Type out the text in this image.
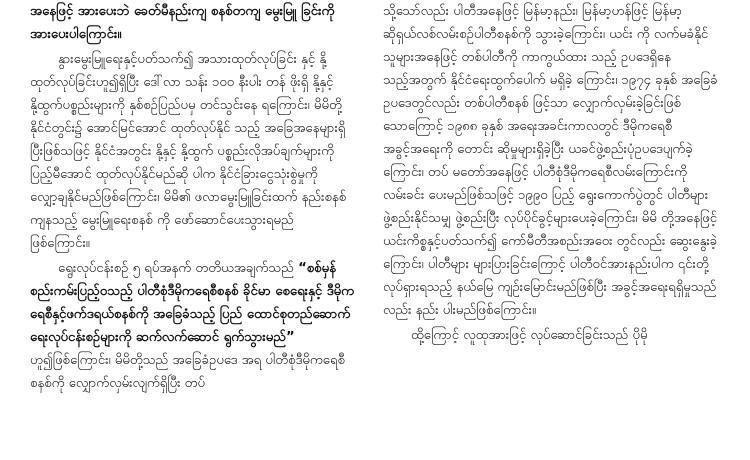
အနေဖြင့် အားပေးဘဲ ခေတ်မီနည်းကျ စနစ်တကျ မွေးမြူ ခြင်းကို အားပေးပါကြောင်း။

နွားမွေးမြူရေးနှင့်ပတ်သက်၍ အသားထုတ်လုပ်ခြင်း နှင့် နို့ထုတ်လုပ်ခြင်းဟူ၍ရှိပြီး ဒေါ်လာ သန်း ၁၀၀ နီးပါး တန် ဖိုးရှိ နို့နှင့် နို့ထွက်ပစ္စည်းများကို နှစ်စဉ်ပြည်ပမှ တင်သွင်းနေ ရကြောင်း၊ မိမိတို့နိုင်ငံတွင်း၌ အောင်မြင်အောင် ထုတ်လုပ်နိုင် သည့် အခြေအနေများရှိပြီးဖြစ်သဖြင့် နိုင်ငံအတွင်း နို့နှင့် နို့ထွက် ပစ္စည်းလိုအပ်ချက်များကို ပြည့်မီအောင် ထုတ်လုပ်နိုင်မည်ဆို ပါက နိုင်ငံခြားငွေသုံးစွဲမှုကို လျှော့ချနိုင်မည်ဖြစ်ကြောင်း၊ မိမိ၏ ဖလာမွေးမြူခြင်းထက် နည်းစနစ်ကျနသည့် မွေးမြူရေးစနစ် ကို ဖော်ဆောင်ပေးသွားရမည် ဖြစ်ကြောင်း။

ရွေးလုပ်ငန်းစဉ် ၅ ရပ်အနက် တတိယအချက်သည် “စစ်မှန်စည်းကမ်းပြည့်ဝသည့် ပါတီစုံဒီမိုကရေစီစနစ် ခိုင်မာ စေရေးနှင့် ဒီမိုကရေစီနှင့်ဖက်ဒရယ်စနစ်ကို အခြေခံသည့် ပြည် ထောင်စုတည်ဆောက်ရေးလုပ်ငန်းစဉ်များကို ဆက်လက်ဆောင် ရွက်သွားမည်” ဟူ၍ဖြစ်ကြောင်း၊ မိမိတို့သည် အခြေခံဥပဒေ အရ ပါတီစုံဒီမိုကရေစီစနစ်ကို လျှောက်လှမ်းလျက်ရှိပြီး တပ်

သို့သော်လည်း ပါတီအနေဖြင့် မြန်မာ့နည်း၊ မြန်မာ့ဟန်ဖြင့် မြန်မာ့ဆိုရှယ်လစ်လမ်းစဉ်ပါတီစနစ်ကို သွားခဲ့ကြောင်း၊ ယင်း ကို လက်မခံနိုင်သူများအနေဖြင့် တစ်ပါတီကို ကာကွယ်ထား သည့် ဥပဒေရှိနေသည့်အတွက် နိုင်ငံရေးထွက်ပေါက် မရှိခဲ့ ကြောင်း၊ ၁၉၇၄ ခုနှစ် အခြေခံဥပဒေတွင်လည်း တစ်ပါတီစနစ် ဖြင့်သာ လျှောက်လှမ်းခဲ့ခြင်းဖြစ်သောကြောင့် ၁၉၈၈ ခုနှစ် အရေးအခင်းကာလတွင် ဒီမိုကရေစီအခွင့်အရေးကို တောင်း ဆိုမှုများရှိခဲ့ပြီး ယခင်ဖွဲ့စည်းပုံဥပဒေပျက်ခဲ့ကြောင်း၊ တပ် မတော်အနေဖြင့် ပါတီစုံဒီမိုကရေစီလမ်းကြောင်းကို လမ်းခင်း ပေးမည်ဖြစ်သဖြင့် ၁၉၉၀ ပြည့် ရွေးကောက်ပွဲတွင် ပါတီများ ဖွဲ့စည်းနိုင်သမျှ ဖွဲ့စည်းပြီး လုပ်ပိုင်ခွင့်များပေးခဲ့ကြောင်း၊ မိမိ တို့အနေဖြင့် ယင်းကိစ္စနှင့်ပတ်သက်၍ ကော်မီတီအစည်းအဝေး တွင်လည်း ဆွေးနွေးခဲ့ကြောင်း၊ ပါတီများ များပြားခြင်းကြောင့် ပါတီဝင်အားနည်းပါက ၎င်းတို့လုပ်ရှားရသည့် နယ်မြေ ကျဉ်းမြောင်းမည်ဖြစ်ပြီး အခွင့်အရေးရရှိမှုသည်လည်း နည်း ပါးမည်ဖြစ်ကြောင်း။

ထို့ကြောင့် လူထုအားဖြင့် လုပ်ဆောင်ခြင်းသည် ပိုမို
